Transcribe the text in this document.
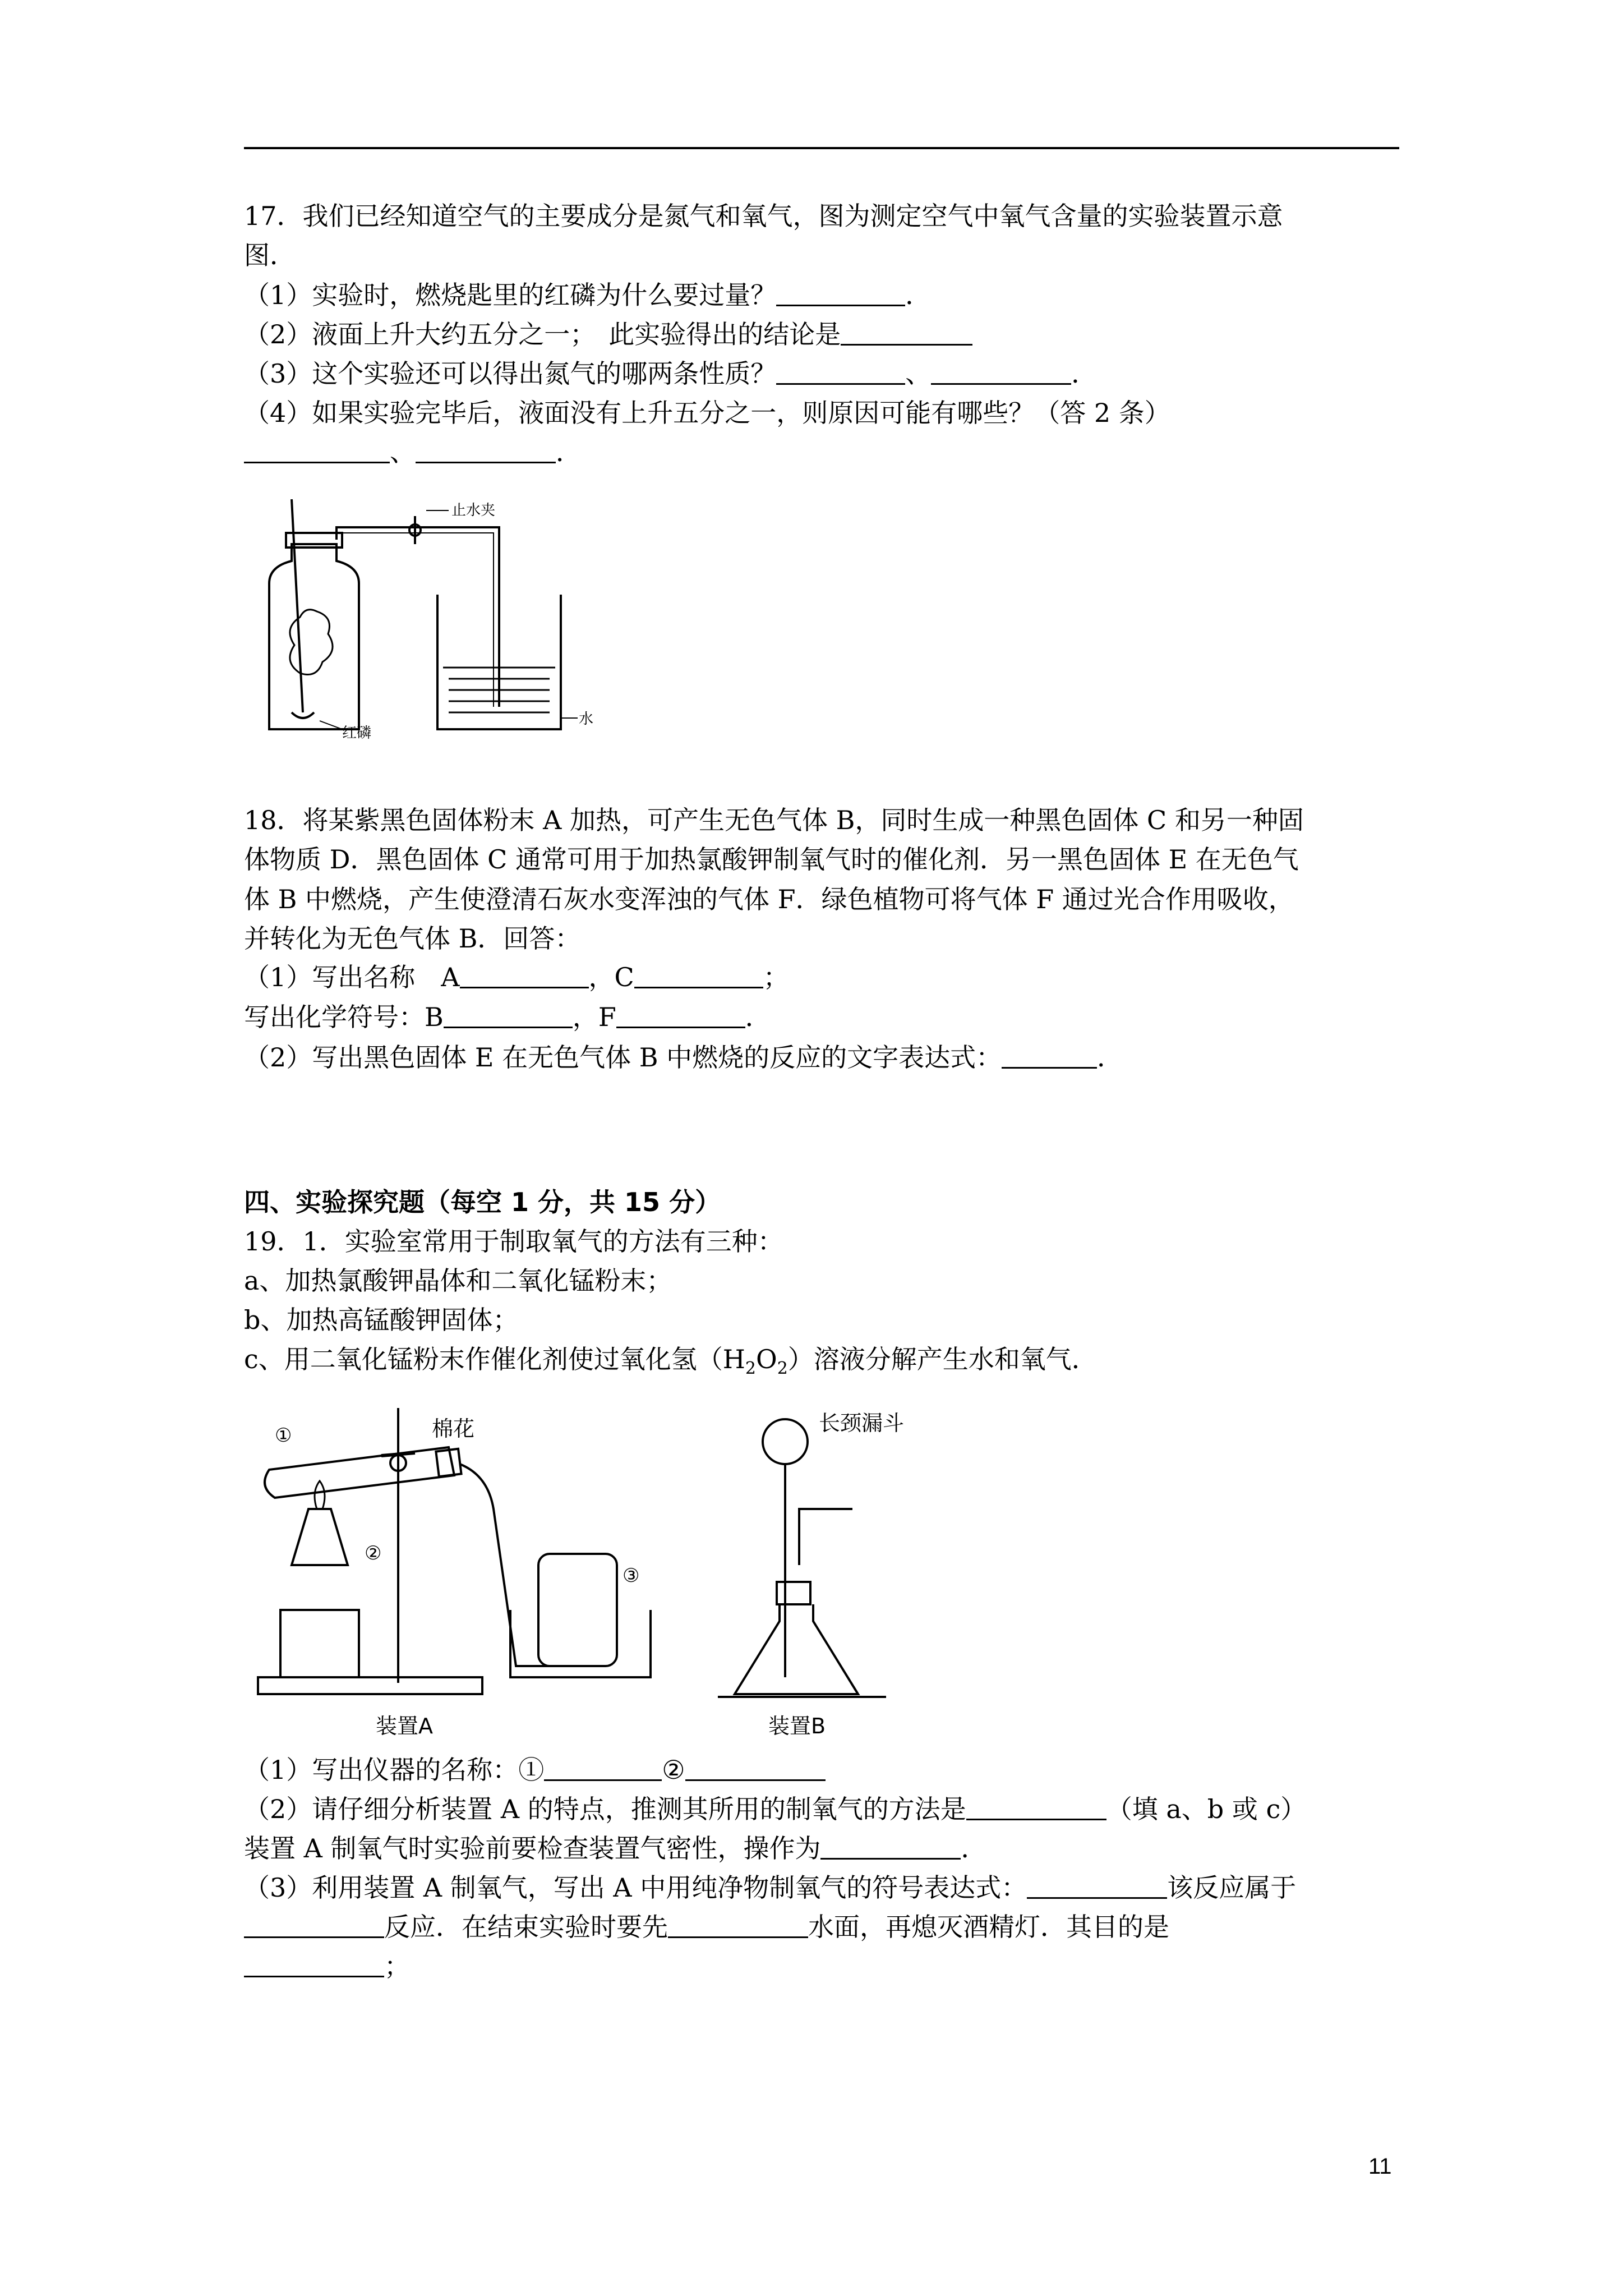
17．我们已经知道空气的主要成分是氮气和氧气，图为测定空气中氧气含量的实验装置示意
图．
（1）实验时，燃烧匙里的红磷为什么要过量？	．
（2）液面上升大约五分之一；　此实验得出的结论是
（3）这个实验还可以得出氮气的哪两条性质？	、	．
（4）如果实验完毕后，液面没有上升五分之一，则原因可能有哪些？（答 2 条）
、	．
止水夹
水
红磷
18．将某紫黑色固体粉末 A 加热，可产生无色气体 B，同时生成一种黑色固体 C 和另一种固
体物质 D．黑色固体 C 通常可用于加热氯酸钾制氧气时的催化剂．另一黑色固体 E 在无色气
体 B 中燃烧，产生使澄清石灰水变浑浊的气体 F．绿色植物可将气体 F 通过光合作用吸收，
并转化为无色气体 B．回答：
（1）写出名称　A	，C	；
写出化学符号：B	，F	．
（2）写出黑色固体 E 在无色气体 B 中燃烧的反应的文字表达式：	．
四、实验探究题（每空 1 分，共 15 分）
19．1．实验室常用于制取氧气的方法有三种：
a、加热氯酸钾晶体和二氧化锰粉末；
b、加热高锰酸钾固体；
c、用二氧化锰粉末作催化剂使过氧化氢$(H_2O_2)$溶液分解产生水和氧气．
①	棉花
②
③
装置A
长颈漏斗
装置B
（1）写出仪器的名称：①	②
（2）请仔细分析装置 A 的特点，推测其所用的制氧气的方法是	（填 a、b 或 c）
装置 A 制氧气时实验前要检查装置气密性，操作为	．
（3）利用装置 A 制氧气，写出 A 中用纯净物制氧气的符号表达式：	该反应属于
反应．在结束实验时要先	水面，再熄灭酒精灯．其目的是
；
11
